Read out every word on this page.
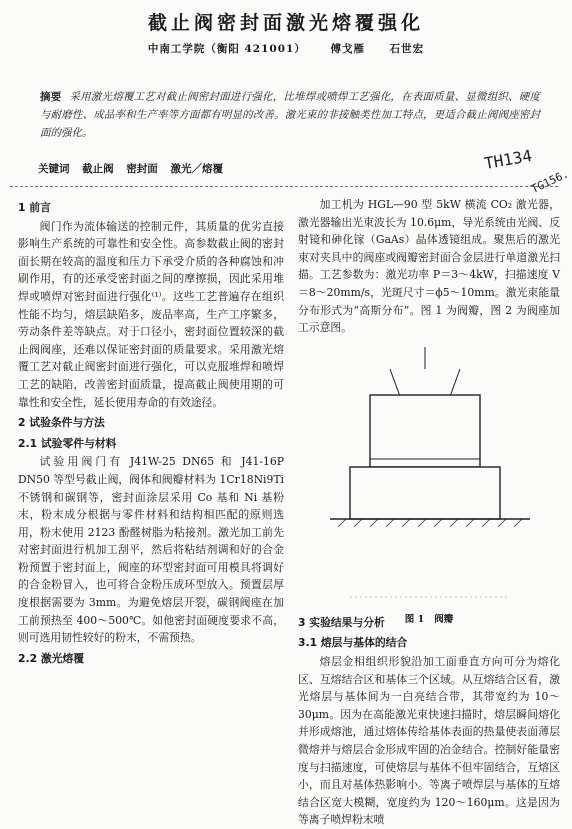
截止阀密封面激光熔覆强化
中南工学院（衡阳 421001） 傅戈雁 石世宏
摘要 采用激光熔覆工艺对截止阀密封面进行强化，比堆焊或喷焊工艺强化，在表面质量、显微组织、硬度与耐磨性、成品率和生产率等方面都有明显的改善。激光束的非接触类性加工特点，更适合截止阀阀座密封面的强化。
关键词 截止阀 密封面 激光／熔覆	TH134
TG156.
1 前言

阀门作为流体输送的控制元件，其质量的优劣直接影响生产系统的可靠性和安全性。高参数截止阀的密封面长期在较高的温度和压力下承受介质的各种腐蚀和冲刷作用，有的还承受密封面之间的摩擦损，因此采用堆焊或喷焊对密封面进行强化⁽¹⁾。这些工艺普遍存在组织性能不均匀，熔层缺陷多，废品率高，生产工序繁多，劳动条件差等缺点。对于口径小，密封面位置较深的截止阀阀座，还难以保证密封面的质量要求。采用激光熔覆工艺对截止阀密封面进行强化，可以克服堆焊和喷焊工艺的缺陷，改善密封面质量，提高截止阀使用期的可靠性和安全性，延长使用寿命的有效途径。

2 试验条件与方法
2.1 试验零件与材料

试验用阀门有 J41W-25 DN65 和 J41-16P DN50 等型号截止阀，阀体和阀瓣材料为 1Cr18Ni9Ti 不锈钢和碳钢等，密封面涂层采用 Co 基和 Ni 基粉末，粉末成分根据与零件材料和结构相匹配的原则选用，粉末使用 2123 酚醛树脂为粘接剂。激光加工前先对密封面进行机加工刮平，然后将粘结剂调和好的合金粉预置于密封面上，阀座的环型密封面可用模具将调好的合金粉冒入，也可将合金粉压成环型放入。预置层厚度根据需要为 3mm。为避免熔层开裂，碳钢阀座在加工前预热至 400～500℃。如他密封面硬度要求不高，则可选用韧性较好的粉末，不需预热。

2.2 激光熔覆

加工机为 HGL—90 型 5kW 横流 CO₂ 激光器，激光器输出光束波长为 10.6μm，导光系统由光阀、反射镜和砷化镓（GaAs）晶体透镜组成。聚焦后的激光束对夹具中的阀座或阀瓣密封面合金层进行单道激光扫描。工艺参数为：激光功率 P＝3～4kW，扫描速度 V＝8～20mm/s，光斑尺寸＝ϕ5～10mm。激光束能量分布形式为“高斯分布”。图 1 为阀瓣，图 2 为阀座加工示意图。

图 1 阀瓣
3 实验结果与分析
3.1 熔层与基体的结合

熔层金相组织形貌沿加工面垂直方向可分为熔化区、互熔结合区和基体三个区域。从互熔结合区看，激光熔层与基体间为一白亮结合带，其带宽约为 10～30μm。因为在高能激光束快速扫描时，熔层瞬间熔化并形成熔池，通过熔体传给基体表面的热量使表面薄层微熔并与熔层合金形成牢固的冶金结合。控制好能量密度与扫描速度，可使熔层与基体不但牢固结合，互熔区小，而且对基体热影响小。等离子喷焊层与基体的互熔结合区宽大模糊，宽度约为 120～160μm。这是因为等离子喷焊粉末喷
